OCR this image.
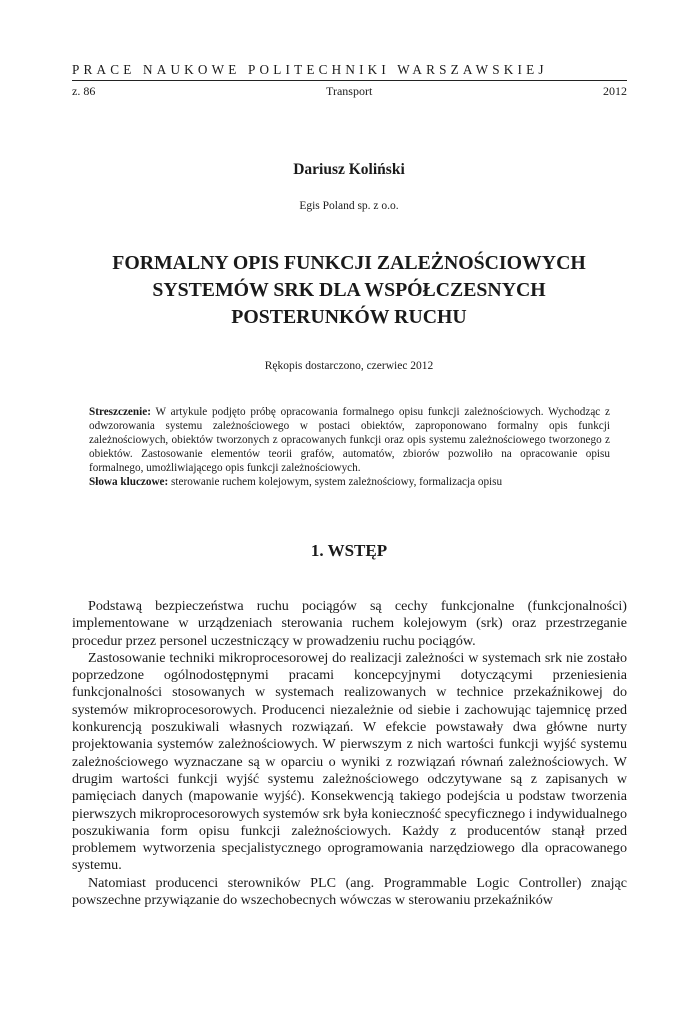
PRACE NAUKOWE POLITECHNIKI WARSZAWSKIEJ
z. 86	Transport	2012
Dariusz Koliński
Egis Poland sp. z o.o.
FORMALNY OPIS FUNKCJI ZALEŻNOŚCIOWYCH
SYSTEMÓW SRK DLA WSPÓŁCZESNYCH
POSTERUNKÓW RUCHU
Rękopis dostarczono, czerwiec 2012

Streszczenie: W artykule podjęto próbę opracowania formalnego opisu funkcji zależnościowych. Wychodząc z odwzorowania systemu zależnościowego w postaci obiektów, zaproponowano formalny opis funkcji zależnościowych, obiektów tworzonych z opracowanych funkcji oraz opis systemu zależnościowego tworzonego z obiektów. Zastosowanie elementów teorii grafów, automatów, zbiorów pozwoliło na opracowanie opisu formalnego, umożliwiającego opis funkcji zależnościowych.

Słowa kluczowe: sterowanie ruchem kolejowym, system zależnościowy, formalizacja opisu

1. WSTĘP

Podstawą bezpieczeństwa ruchu pociągów są cechy funkcjonalne (funkcjonalności) implementowane w urządzeniach sterowania ruchem kolejowym (srk) oraz przestrzeganie procedur przez personel uczestniczący w prowadzeniu ruchu pociągów.

Zastosowanie techniki mikroprocesorowej do realizacji zależności w systemach srk nie zostało poprzedzone ogólnodostępnymi pracami koncepcyjnymi dotyczącymi przeniesienia funkcjonalności stosowanych w systemach realizowanych w technice przekaźnikowej do systemów mikroprocesorowych. Producenci niezależnie od siebie i zachowując tajemnicę przed konkurencją poszukiwali własnych rozwiązań. W efekcie powstawały dwa główne nurty projektowania systemów zależnościowych. W pierwszym z nich wartości funkcji wyjść systemu zależnościowego wyznaczane są w oparciu o wyniki z rozwiązań równań zależnościowych. W drugim wartości funkcji wyjść systemu zależnościowego odczytywane są z zapisanych w pamięciach danych (mapowanie wyjść). Konsekwencją takiego podejścia u podstaw tworzenia pierwszych mikroprocesorowych systemów srk była konieczność specyficznego i indywidualnego poszukiwania form opisu funkcji zależnościowych. Każdy z producentów stanął przed problemem wytworzenia specjalistycznego oprogramowania narzędziowego dla opracowanego systemu.

Natomiast producenci sterowników PLC (ang. Programmable Logic Controller) znając powszechne przywiązanie do wszechobecnych wówczas w sterowaniu przekaźników
